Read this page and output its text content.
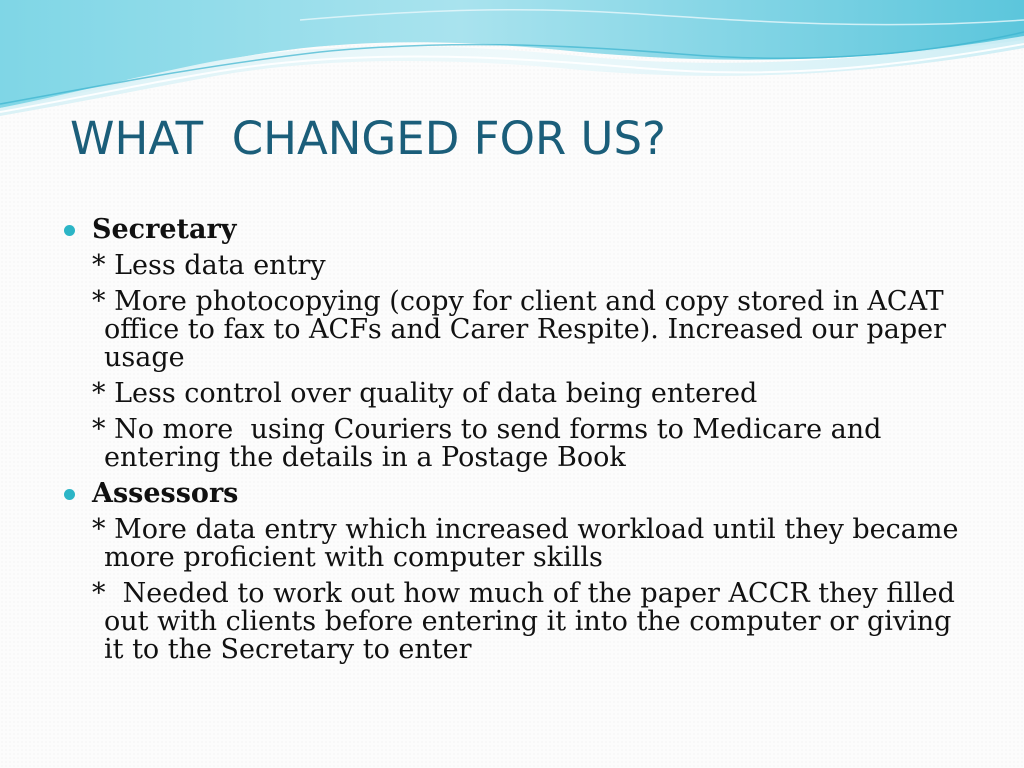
WHAT  CHANGED FOR US?
Secretary
* Less data entry
* More photocopying (copy for client and copy stored in ACAT office to fax to ACFs and Carer Respite). Increased our paper usage
* Less control over quality of data being entered
* No more  using Couriers to send forms to Medicare and entering the details in a Postage Book
Assessors
* More data entry which increased workload until they became more proficient with computer skills
*  Needed to work out how much of the paper ACCR they filled out with clients before entering it into the computer or giving it to the Secretary to enter
